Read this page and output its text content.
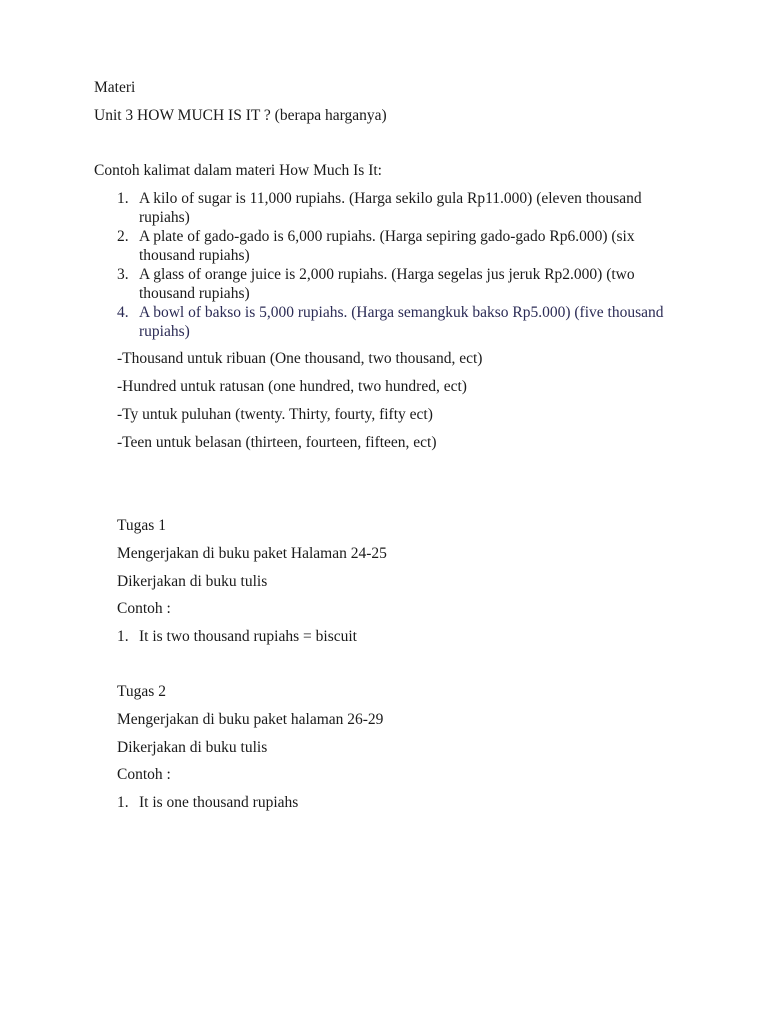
Materi
Unit 3 HOW MUCH IS IT ? (berapa harganya)
Contoh kalimat dalam materi How Much Is It:
1. A kilo of sugar is 11,000 rupiahs. (Harga sekilo gula Rp11.000) (eleven thousand rupiahs)
2. A plate of gado-gado is 6,000 rupiahs. (Harga sepiring gado-gado Rp6.000) (six thousand rupiahs)
3. A glass of orange juice is 2,000 rupiahs. (Harga segelas jus jeruk Rp2.000) (two thousand rupiahs)
4. A bowl of bakso is 5,000 rupiahs. (Harga semangkuk bakso Rp5.000) (five thousand rupiahs)
-Thousand untuk ribuan (One thousand, two thousand, ect)
-Hundred untuk ratusan (one hundred, two hundred, ect)
-Ty untuk puluhan (twenty. Thirty, fourty, fifty ect)
-Teen untuk belasan (thirteen, fourteen, fifteen, ect)
Tugas 1
Mengerjakan di buku paket Halaman 24-25
Dikerjakan di buku tulis
Contoh :
1. It is two thousand rupiahs = biscuit
Tugas 2
Mengerjakan di buku paket halaman 26-29
Dikerjakan di buku tulis
Contoh :
1. It is one thousand rupiahs
